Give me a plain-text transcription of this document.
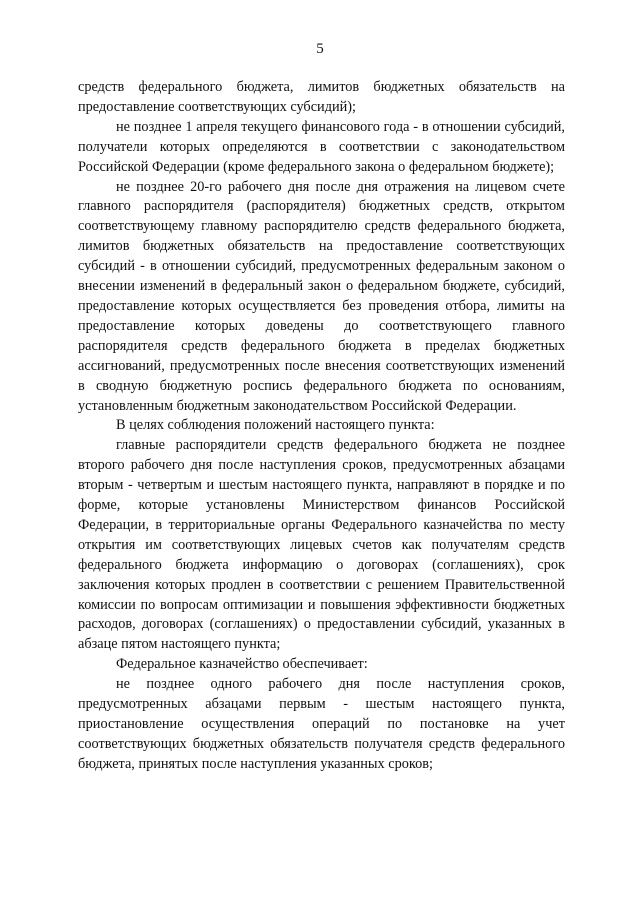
5

средств федерального бюджета, лимитов бюджетных обязательств на предоставление соответствующих субсидий);

не позднее 1 апреля текущего финансового года - в отношении субсидий, получатели которых определяются в соответствии с законодательством Российской Федерации (кроме федерального закона о федеральном бюджете);

не позднее 20-го рабочего дня после дня отражения на лицевом счете главного распорядителя (распорядителя) бюджетных средств, открытом соответствующему главному распорядителю средств федерального бюджета, лимитов бюджетных обязательств на предоставление соответствующих субсидий - в отношении субсидий, предусмотренных федеральным законом о внесении изменений в федеральный закон о федеральном бюджете, субсидий, предоставление которых осуществляется без проведения отбора, лимиты на предоставление которых доведены до соответствующего главного распорядителя средств федерального бюджета в пределах бюджетных ассигнований, предусмотренных после внесения соответствующих изменений в сводную бюджетную роспись федерального бюджета по основаниям, установленным бюджетным законодательством Российской Федерации.

В целях соблюдения положений настоящего пункта:

главные распорядители средств федерального бюджета не позднее второго рабочего дня после наступления сроков, предусмотренных абзацами вторым - четвертым и шестым настоящего пункта, направляют в порядке и по форме, которые установлены Министерством финансов Российской Федерации, в территориальные органы Федерального казначейства по месту открытия им соответствующих лицевых счетов как получателям средств федерального бюджета информацию о договорах (соглашениях), срок заключения которых продлен в соответствии с решением Правительственной комиссии по вопросам оптимизации и повышения эффективности бюджетных расходов, договорах (соглашениях) о предоставлении субсидий, указанных в абзаце пятом настоящего пункта;

Федеральное казначейство обеспечивает:

не позднее одного рабочего дня после наступления сроков, предусмотренных абзацами первым - шестым настоящего пункта, приостановление осуществления операций по постановке на учет соответствующих бюджетных обязательств получателя средств федерального бюджета, принятых после наступления указанных сроков;
